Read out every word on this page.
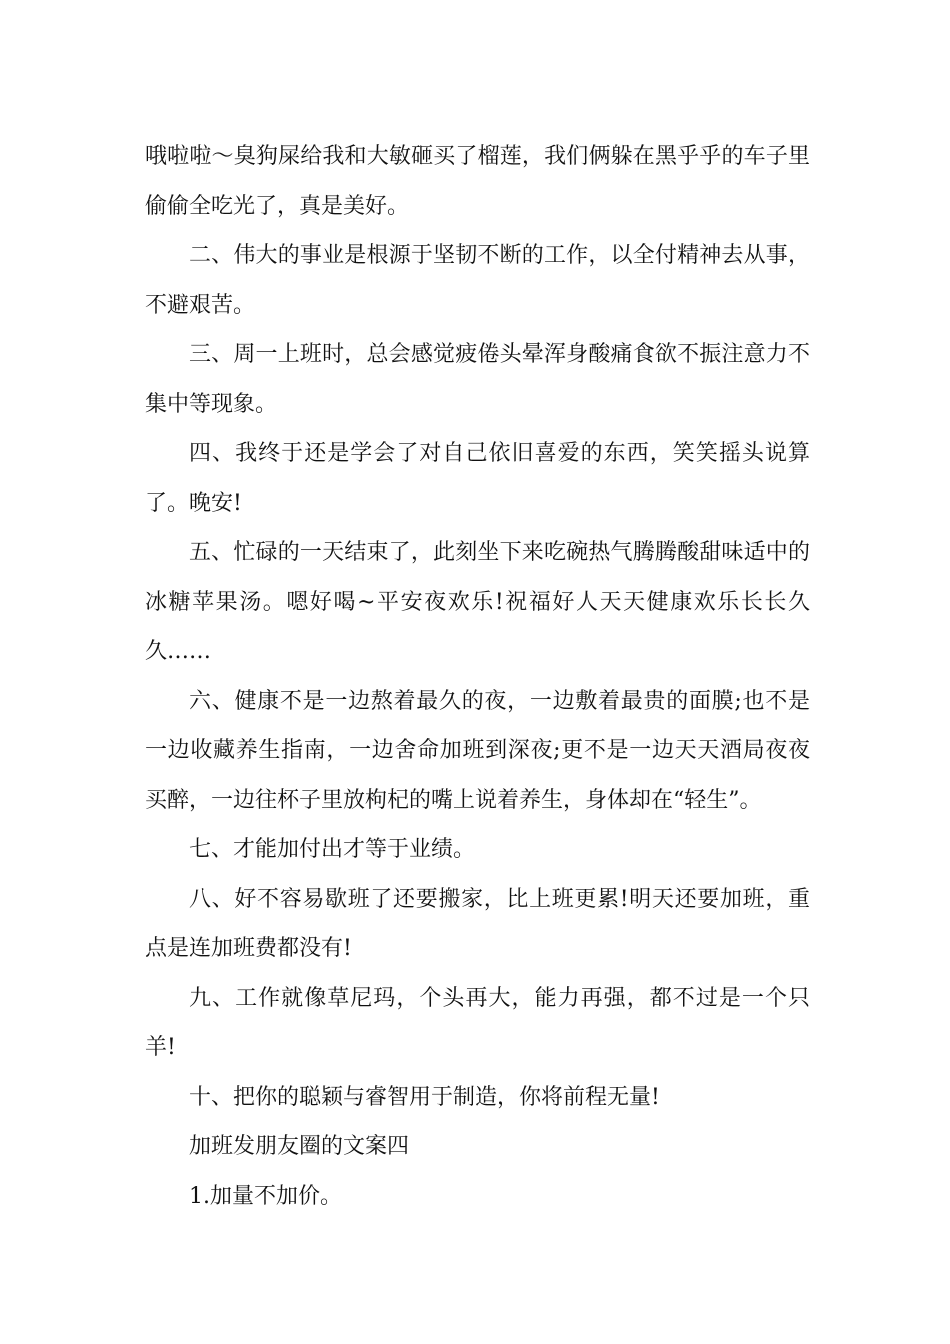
哦啦啦～臭狗屎给我和大敏砸买了榴莲，我们俩躲在黑乎乎的车子里偷偷全吃光了，真是美好。

二、伟大的事业是根源于坚韧不断的工作，以全付精神去从事，不避艰苦。

三、周一上班时，总会感觉疲倦头晕浑身酸痛食欲不振注意力不集中等现象。

四、我终于还是学会了对自己依旧喜爱的东西，笑笑摇头说算了。晚安!

五、忙碌的一天结束了，此刻坐下来吃碗热气腾腾酸甜味适中的冰糖苹果汤。嗯好喝~平安夜欢乐!祝福好人天天健康欢乐长长久久……

六、健康不是一边熬着最久的夜，一边敷着最贵的面膜;也不是一边收藏养生指南，一边舍命加班到深夜;更不是一边天天酒局夜夜买醉，一边往杯子里放枸杞的嘴上说着养生，身体却在“轻生”。

七、才能加付出才等于业绩。

八、好不容易歇班了还要搬家，比上班更累!明天还要加班，重点是连加班费都没有!

九、工作就像草尼玛，个头再大，能力再强，都不过是一个只羊!

十、把你的聪颖与睿智用于制造，你将前程无量!

加班发朋友圈的文案四

1.加量不加价。
